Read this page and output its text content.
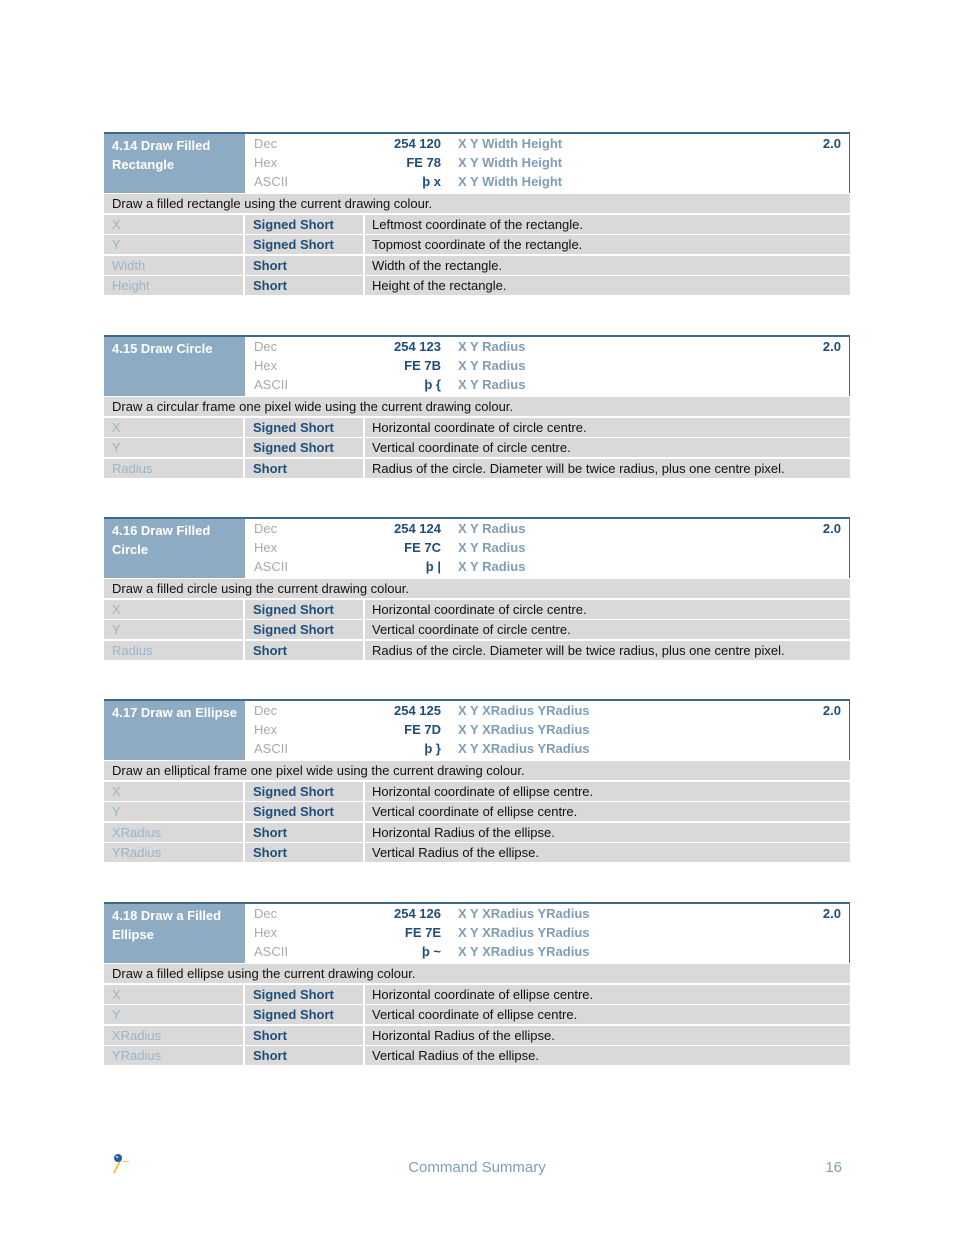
4.14 Draw Filled Rectangle
Dec	254 120	X Y Width Height
Hex	FE 78	X Y Width Height
ASCII	þ x	X Y Width Height
2.0
Draw a filled rectangle using the current drawing colour.
X	Signed Short	Leftmost coordinate of the rectangle.
Y	Signed Short	Topmost coordinate of the rectangle.
Width	Short	Width of the rectangle.
Height	Short	Height of the rectangle.
4.15 Draw Circle	Dec	254 123	X Y Radius
Hex	FE 7B	X Y Radius
ASCII	þ {	X Y Radius
2.0
Draw a circular frame one pixel wide using the current drawing colour.
X	Signed Short	Horizontal coordinate of circle centre.
Y	Signed Short	Vertical coordinate of circle centre.
Radius	Short	Radius of the circle. Diameter will be twice radius, plus one centre pixel.
4.16 Draw Filled Circle
Dec	254 124	X Y Radius
Hex	FE 7C	X Y Radius
ASCII	þ |	X Y Radius
2.0
Draw a filled circle using the current drawing colour.
X	Signed Short	Horizontal coordinate of circle centre.
Y	Signed Short	Vertical coordinate of circle centre.
Radius	Short	Radius of the circle. Diameter will be twice radius, plus one centre pixel.
4.17 Draw an Ellipse	Dec	254 125	X Y XRadius YRadius
Hex	FE 7D	X Y XRadius YRadius
ASCII	þ }	X Y XRadius YRadius
2.0
Draw an elliptical frame one pixel wide using the current drawing colour.
X	Signed Short	Horizontal coordinate of ellipse centre.
Y	Signed Short	Vertical coordinate of ellipse centre.
XRadius	Short	Horizontal Radius of the ellipse.
YRadius	Short	Vertical Radius of the ellipse.
4.18 Draw a Filled Ellipse
Dec	254 126	X Y XRadius YRadius
Hex	FE 7E	X Y XRadius YRadius
ASCII	þ ~	X Y XRadius YRadius
2.0
Draw a filled ellipse using the current drawing colour.
X	Signed Short	Horizontal coordinate of ellipse centre.
Y	Signed Short	Vertical coordinate of ellipse centre.
XRadius	Short	Horizontal Radius of the ellipse.
YRadius	Short	Vertical Radius of the ellipse.
Command Summary	16
